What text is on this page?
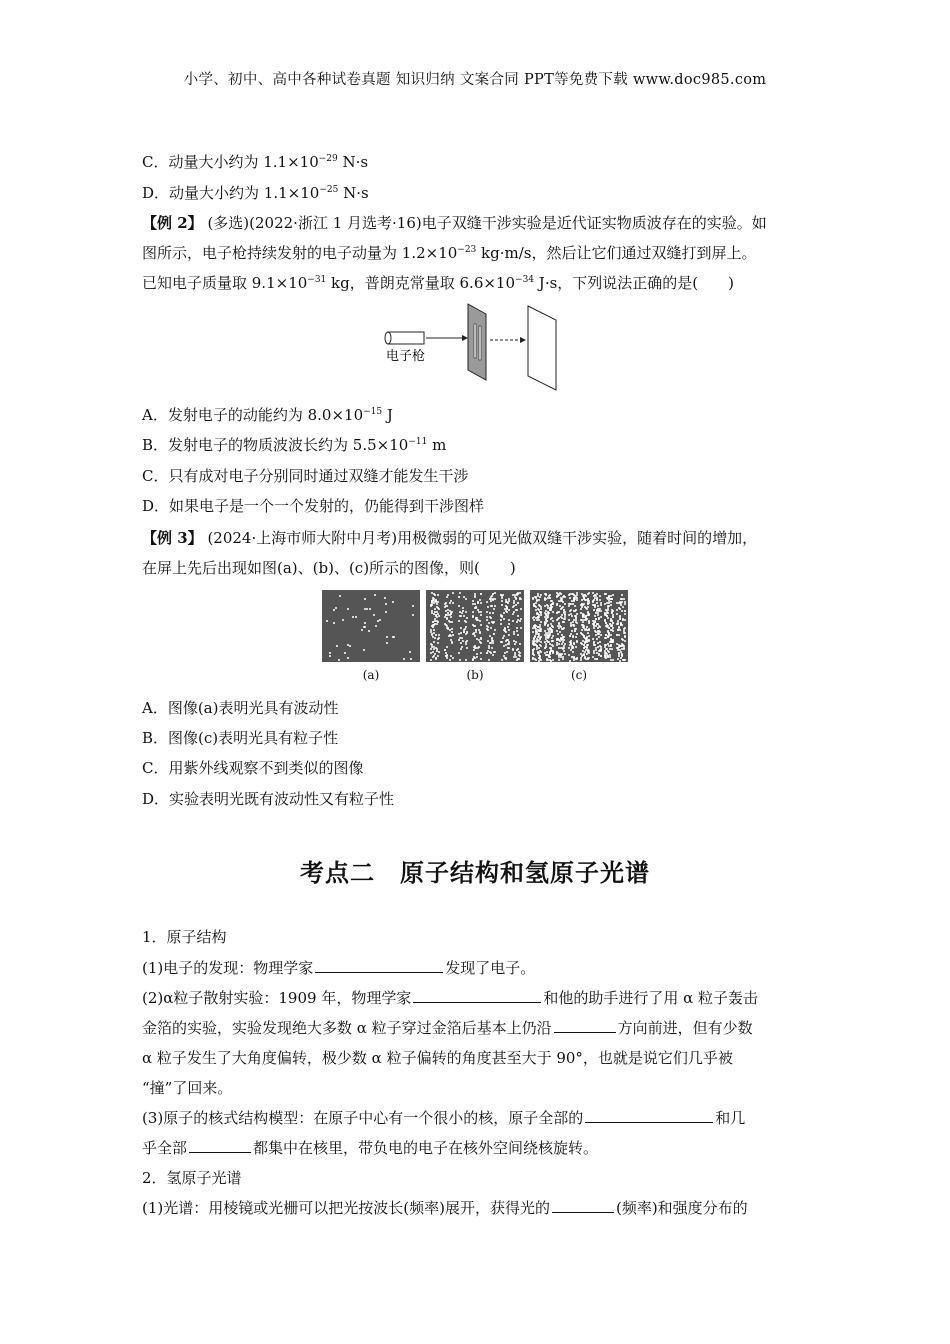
小学、初中、高中各种试卷真题 知识归纳 文案合同 PPT等免费下载 www.doc985.com
C．动量大小约为 $1.1\times 10^{-29}$ N·s
D．动量大小约为 $1.1\times 10^{-25}$ N·s
【例 2】 (多选)(2022·浙江 1 月选考·16)电子双缝干涉实验是近代证实物质波存在的实验。如
图所示，电子枪持续发射的电子动量为 $1.2\times 10^{-23}$ kg·m/s，然后让它们通过双缝打到屏上。
已知电子质量取 $9.1\times 10^{-31}$ kg，普朗克常量取 $6.6\times 10^{-34}$ J·s，下列说法正确的是(　　)
电子枪
A．发射电子的动能约为 $8.0\times 10^{-15}$ J
B．发射电子的物质波波长约为 $5.5\times 10^{-11}$ m
C．只有成对电子分别同时通过双缝才能发生干涉
D．如果电子是一个一个发射的，仍能得到干涉图样
【例 3】 (2024·上海市师大附中月考)用极微弱的可见光做双缝干涉实验，随着时间的增加，
在屏上先后出现如图(a)、(b)、(c)所示的图像，则(　　)
(a)	(b)	(c)
A．图像(a)表明光具有波动性
B．图像(c)表明光具有粒子性
C．用紫外线观察不到类似的图像
D．实验表明光既有波动性又有粒子性
考点二　原子结构和氢原子光谱
1．原子结构
(1)电子的发现：物理学家	发现了电子。
(2)α粒子散射实验：1909 年，物理学家	和他的助手进行了用 α 粒子轰击
金箔的实验，实验发现绝大多数 α 粒子穿过金箔后基本上仍沿	方向前进，但有少数
α 粒子发生了大角度偏转，极少数 α 粒子偏转的角度甚至大于 90°，也就是说它们几乎被
“撞”了回来。
(3)原子的核式结构模型：在原子中心有一个很小的核，原子全部的	和几
乎全部	都集中在核里，带负电的电子在核外空间绕核旋转。
2．氢原子光谱
(1)光谱：用棱镜或光栅可以把光按波长(频率)展开，获得光的	(频率)和强度分布的
